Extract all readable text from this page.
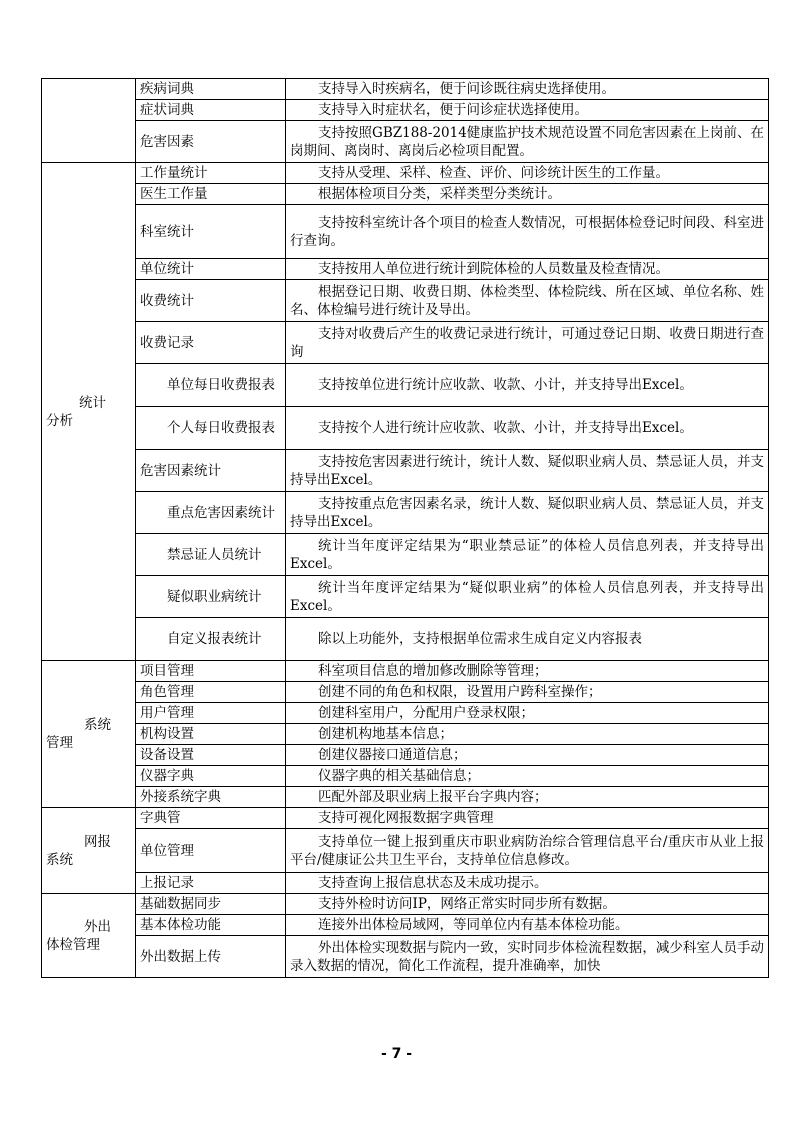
	疾病词典	支持导入时疾病名，便于问诊既往病史选择使用。
	症状词典	支持导入时症状名，便于问诊症状选择使用。
	危害因素	支持按照GBZ188-2014健康监护技术规范设置不同危害因素在上岗前、在岗期间、离岗时、离岗后必检项目配置。

统计
分析	工作量统计	支持从受理、采样、检查、评价、问诊统计医生的工作量。
	医生工作量	根据体检项目分类，采样类型分类统计。
	科室统计	支持按科室统计各个项目的检查人数情况，可根据体检登记时间段、科室进行查询。
	单位统计	支持按用人单位进行统计到院体检的人员数量及检查情况。
	收费统计	根据登记日期、收费日期、体检类型、体检院线、所在区域、单位名称、姓名、体检编号进行统计及导出。
	收费记录	支持对收费后产生的收费记录进行统计，可通过登记日期、收费日期进行查询
	单位每日收费报表	支持按单位进行统计应收款、收款、小计，并支持导出Excel。
	个人每日收费报表	支持按个人进行统计应收款、收款、小计，并支持导出Excel。
	危害因素统计	支持按危害因素进行统计，统计人数、疑似职业病人员、禁忌证人员，并支持导出Excel。
	重点危害因素统计	支持按重点危害因素名录，统计人数、疑似职业病人员、禁忌证人员，并支持导出Excel。
	禁忌证人员统计	统计当年度评定结果为“职业禁忌证”的体检人员信息列表，并支持导出Excel。
	疑似职业病统计	统计当年度评定结果为“疑似职业病”的体检人员信息列表，并支持导出Excel。
	自定义报表统计	除以上功能外，支持根据单位需求生成自定义内容报表

系统
管理	项目管理	科室项目信息的增加修改删除等管理；
	角色管理	创建不同的角色和权限，设置用户跨科室操作；
	用户管理	创建科室用户，分配用户登录权限；
	机构设置	创建机构地基本信息；
	设备设置	创建仪器接口通道信息；
	仪器字典	仪器字典的相关基础信息；
	外接系统字典	匹配外部及职业病上报平台字典内容；

网报
系统	字典管	支持可视化网报数据字典管理
	单位管理	支持单位一键上报到重庆市职业病防治综合管理信息平台/重庆市从业上报平台/健康证公共卫生平台，支持单位信息修改。
	上报记录	支持查询上报信息状态及未成功提示。

外出
体检管理	基础数据同步	支持外检时访问IP，网络正常实时同步所有数据。
	基本体检功能	连接外出体检局域网，等同单位内有基本体检功能。
	外出数据上传	外出体检实现数据与院内一致，实时同步体检流程数据，减少科室人员手动录入数据的情况，简化工作流程，提升准确率，加快
- 7 -
